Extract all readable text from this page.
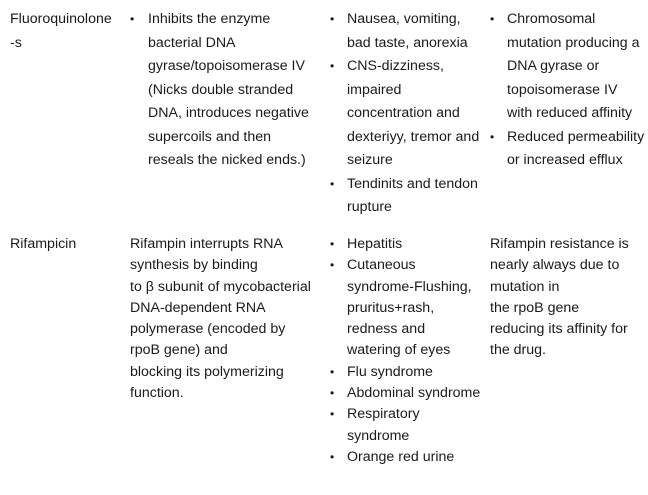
Fluoroquinolone
-s
• Inhibits the enzyme bacterial DNA gyrase/topoisomerase IV (Nicks double stranded DNA, introduces negative supercoils and then reseals the nicked ends.)
• Nausea, vomiting, bad taste, anorexia
• CNS-dizziness, impaired concentration and dexteriyy, tremor and seizure
• Tendinits and tendon rupture
• Chromosomal mutation producing a DNA gyrase or topoisomerase IV with reduced affinity
• Reduced permeability or increased efflux
Rifampicin	Rifampin interrupts RNA
synthesis by binding
to β subunit of mycobacterial
DNA-dependent RNA
polymerase (encoded by
rpoB gene) and
blocking its polymerizing
function.
• Hepatitis
• Cutaneous syndrome-Flushing, pruritus+rash, redness and watering of eyes
• Flu syndrome
• Abdominal syndrome
• Respiratory syndrome
• Orange red urine
Rifampin resistance is
nearly always due to
mutation in
the rpoB gene
reducing its affinity for
the drug.
